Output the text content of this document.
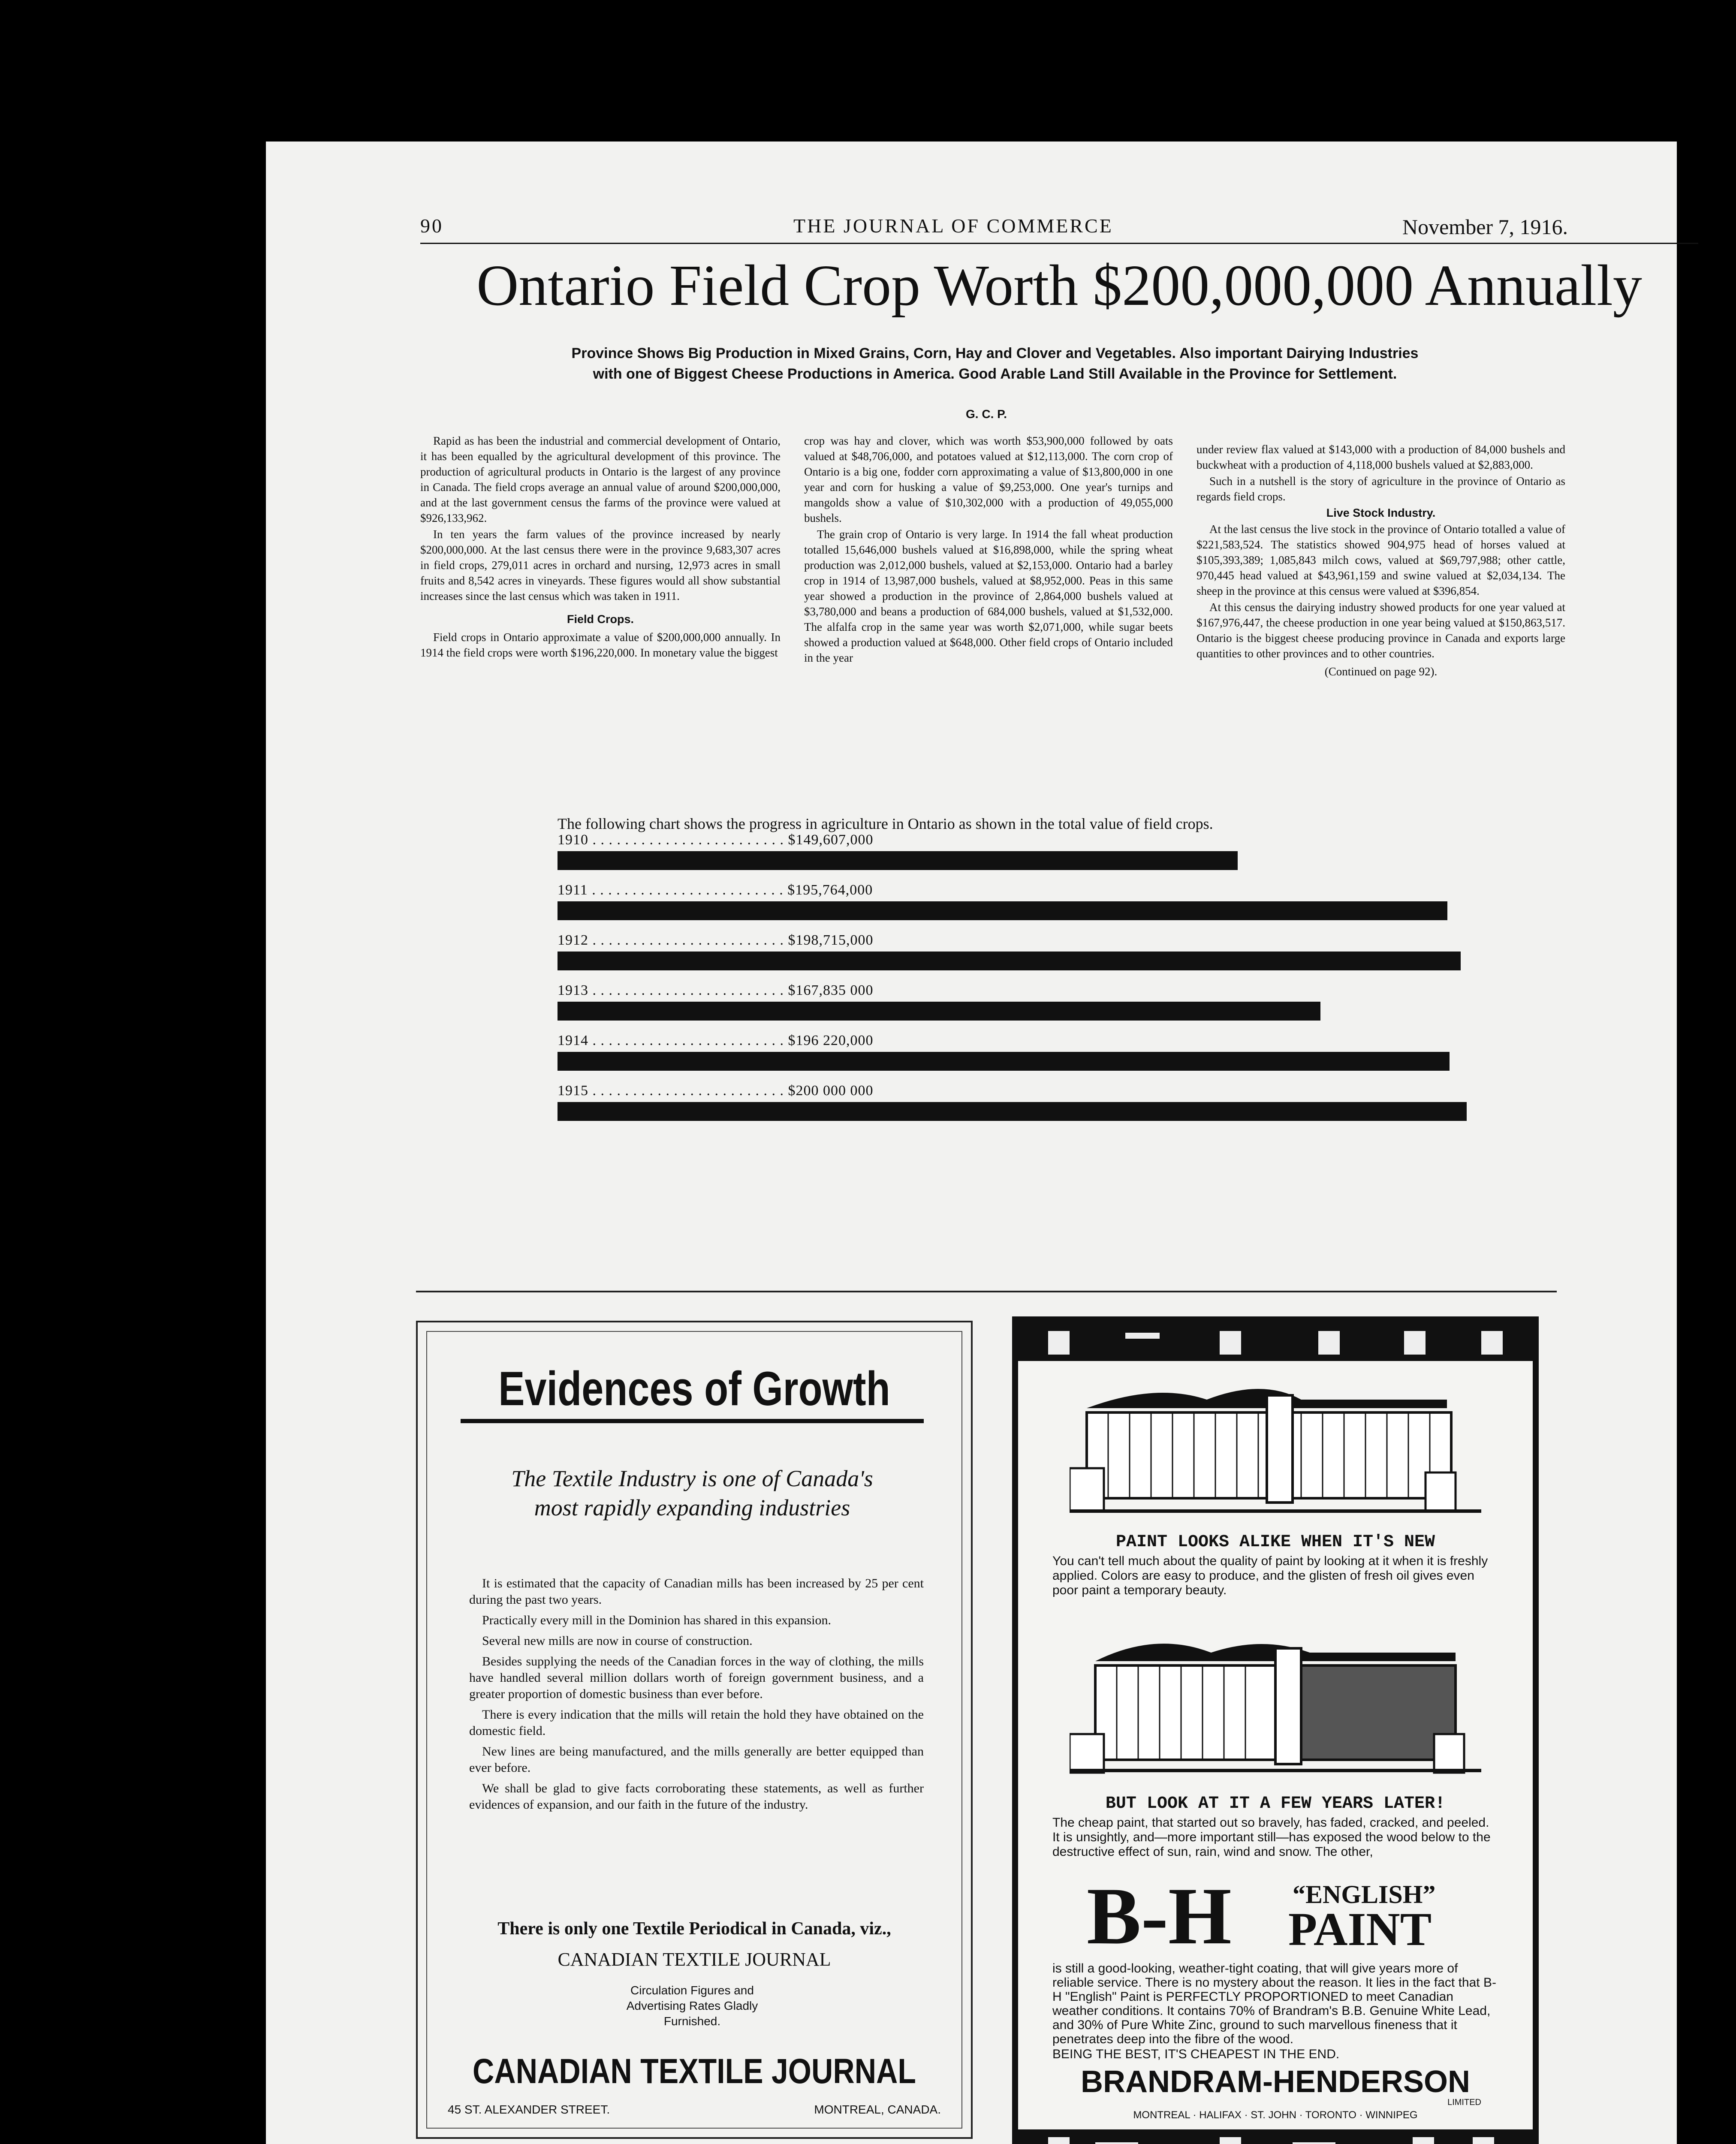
90	THE JOURNAL OF COMMERCE	November 7, 1916.
Ontario Field Crop Worth $200,000,000 Annually
Province Shows Big Production in Mixed Grains, Corn, Hay and Clover and Vegetables. Also important Dairying Industries with one of Biggest Cheese Productions in America. Good Arable Land Still Available in the Province for Settlement.
G. C. P.

Rapid as has been the industrial and commercial development of Ontario, it has been equalled by the agricultural development of this province. The production of agricultural products in Ontario is the largest of any province in Canada. The field crops average an annual value of around $200,000,000, and at the last government census the farms of the province were valued at $926,133,962.

In ten years the farm values of the province increased by nearly $200,000,000. At the last census there were in the province 9,683,307 acres in field crops, 279,011 acres in orchard and nursing, 12,973 acres in small fruits and 8,542 acres in vineyards. These figures would all show substantial increases since the last census which was taken in 1911.

Field Crops.

Field crops in Ontario approximate a value of $200,000,000 annually. In 1914 the field crops were worth $196,220,000. In monetary value the biggest

crop was hay and clover, which was worth $53,900,000 followed by oats valued at $48,706,000, and potatoes valued at $12,113,000. The corn crop of Ontario is a big one, fodder corn approximating a value of $13,800,000 in one year and corn for husking a value of $9,253,000. One year's turnips and mangolds show a value of $10,302,000 with a production of 49,055,000 bushels.

The grain crop of Ontario is very large. In 1914 the fall wheat production totalled 15,646,000 bushels valued at $16,898,000, while the spring wheat production was 2,012,000 bushels, valued at $2,153,000. Ontario had a barley crop in 1914 of 13,987,000 bushels, valued at $8,952,000. Peas in this same year showed a production in the province of 2,864,000 bushels valued at $3,780,000 and beans a production of 684,000 bushels, valued at $1,532,000. The alfalfa crop in the same year was worth $2,071,000, while sugar beets showed a production valued at $648,000. Other field crops of Ontario included in the year

under review flax valued at $143,000 with a production of 84,000 bushels and buckwheat with a production of 4,118,000 bushels valued at $2,883,000.

Such in a nutshell is the story of agriculture in the province of Ontario as regards field crops.

Live Stock Industry.

At the last census the live stock in the province of Ontario totalled a value of $221,583,524. The statistics showed 904,975 head of horses valued at $105,393,389; 1,085,843 milch cows, valued at $69,797,988; other cattle, 970,445 head valued at $43,961,159 and swine valued at $2,034,134. The sheep in the province at this census were valued at $396,854.

At this census the dairying industry showed products for one year valued at $167,976,447, the cheese production in one year being valued at $150,863,517. Ontario is the biggest cheese producing province in Canada and exports large quantities to other provinces and to other countries.

(Continued on page 92).

The following chart shows the progress in agriculture in Ontario as shown in the total value of field crops.
1910 . . . . . . . . . . . . . . . . . . . . . . . . $149,607,000
1911 . . . . . . . . . . . . . . . . . . . . . . . . $195,764,000
1912 . . . . . . . . . . . . . . . . . . . . . . . . $198,715,000
1913 . . . . . . . . . . . . . . . . . . . . . . . . $167,835 000
1914 . . . . . . . . . . . . . . . . . . . . . . . . $196 220,000
1915 . . . . . . . . . . . . . . . . . . . . . . . . $200 000 000
Evidences of Growth
The Textile Industry is one of Canada's most rapidly expanding industries

It is estimated that the capacity of Canadian mills has been increased by 25 per cent during the past two years.

Practically every mill in the Dominion has shared in this expansion.

Several new mills are now in course of construction.

Besides supplying the needs of the Canadian forces in the way of clothing, the mills have handled several million dollars worth of foreign government business, and a greater proportion of domestic business than ever before.

There is every indication that the mills will retain the hold they have obtained on the domestic field.

New lines are being manufactured, and the mills generally are better equipped than ever before.

We shall be glad to give facts corroborating these statements, as well as further evidences of expansion, and our faith in the future of the industry.

There is only one Textile Periodical in Canada, viz.,
CANADIAN TEXTILE JOURNAL
Circulation Figures and Advertising Rates Gladly Furnished.
CANADIAN TEXTILE JOURNAL
45 ST. ALEXANDER STREET.	MONTREAL, CANADA.
PAINT LOOKS ALIKE WHEN IT'S NEW
You can't tell much about the quality of paint by looking at it when it is freshly applied. Colors are easy to produce, and the glisten of fresh oil gives even poor paint a temporary beauty.
BUT LOOK AT IT A FEW YEARS LATER!
The cheap paint, that started out so bravely, has faded, cracked, and peeled. It is unsightly, and—more important still—has exposed the wood below to the destructive effect of sun, rain, wind and snow. The other,
B-H “ENGLISH”
PAINT
is still a good-looking, weather-tight coating, that will give years more of reliable service. There is no mystery about the reason. It lies in the fact that B-H "English" Paint is PERFECTLY PROPORTIONED to meet Canadian weather conditions. It contains 70% of Brandram's B.B. Genuine White Lead, and 30% of Pure White Zinc, ground to such marvellous fineness that it penetrates deep into the fibre of the wood.
BEING THE BEST, IT'S CHEAPEST IN THE END.
BRANDRAM-HENDERSON
LIMITED
MONTREAL · HALIFAX · ST. JOHN · TORONTO · WINNIPEG
